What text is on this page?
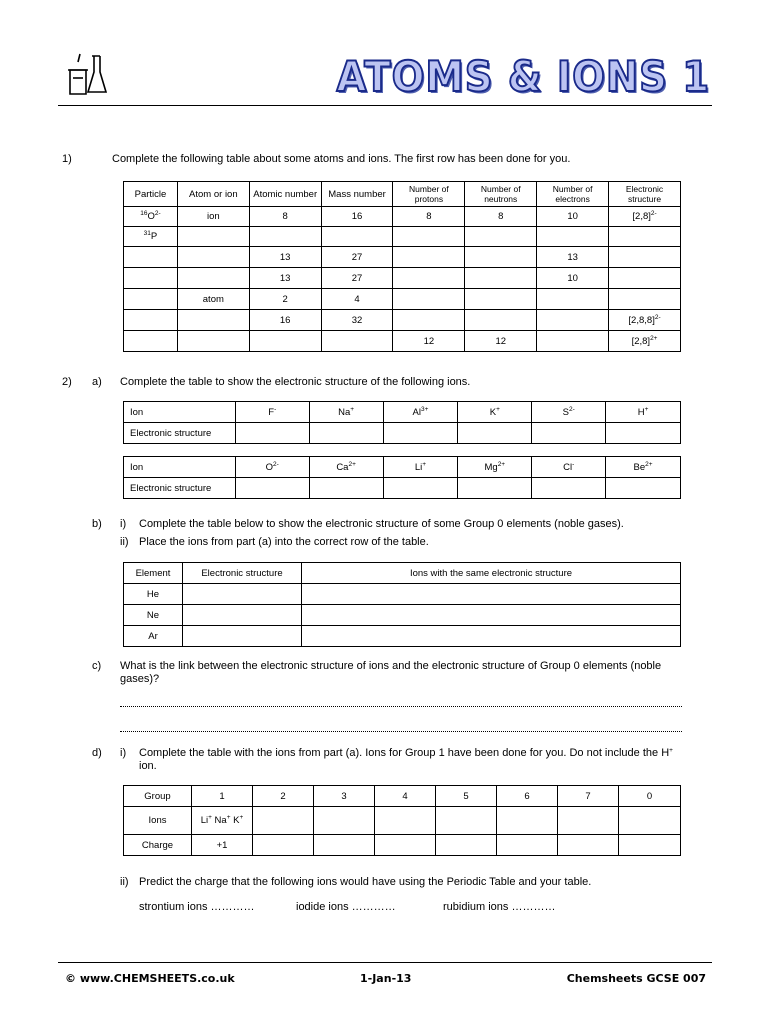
ATOMS & IONS 1
1)	Complete the following table about some atoms and ions. The first row has been done for you.
Particle	Atom or ion	Atomic number	Mass number	Number of protons	Number of neutrons	Number of electrons	Electronic structure
$^{16}O^{2-}$	ion	8	16	8	8	10	$[2,8]^{2-}$
$^{31}$P							
		13	27			13	
		13	27			10	
	atom	2	4				
		16	32				$[2,8,8]^{2-}$
				12	12		$[2,8]^{2+}$
2) a) Complete the table to show the electronic structure of the following ions.
Ion	F-	Na+	$Al^{3+}$	K+	$S^{2-}$	H+
Electronic structure						
Ion	$O^{2-}$	$Ca^{2+}$	Li+	$Mg^{2+}$	Cl-	$Be^{2+}$
Electronic structure						
b) i) Complete the table below to show the electronic structure of some Group 0 elements (noble gases).
ii) Place the ions from part (a) into the correct row of the table.
Element	Electronic structure	Ions with the same electronic structure
He		
Ne		
Ar		
c) What is the link between the electronic structure of ions and the electronic structure of Group 0 elements (noble gases)?
d) i) Complete the table with the ions from part (a). Ions for Group 1 have been done for you. Do not include the H+ ion.
Group	1	2	3	4	5	6	7	0
Ions	Li+ Na+ K+							
Charge	+1							
ii) Predict the charge that the following ions would have using the Periodic Table and your table.
strontium ions …………	iodide ions …………	rubidium ions …………
© www.CHEMSHEETS.co.uk	1-Jan-13	Chemsheets GCSE 007
